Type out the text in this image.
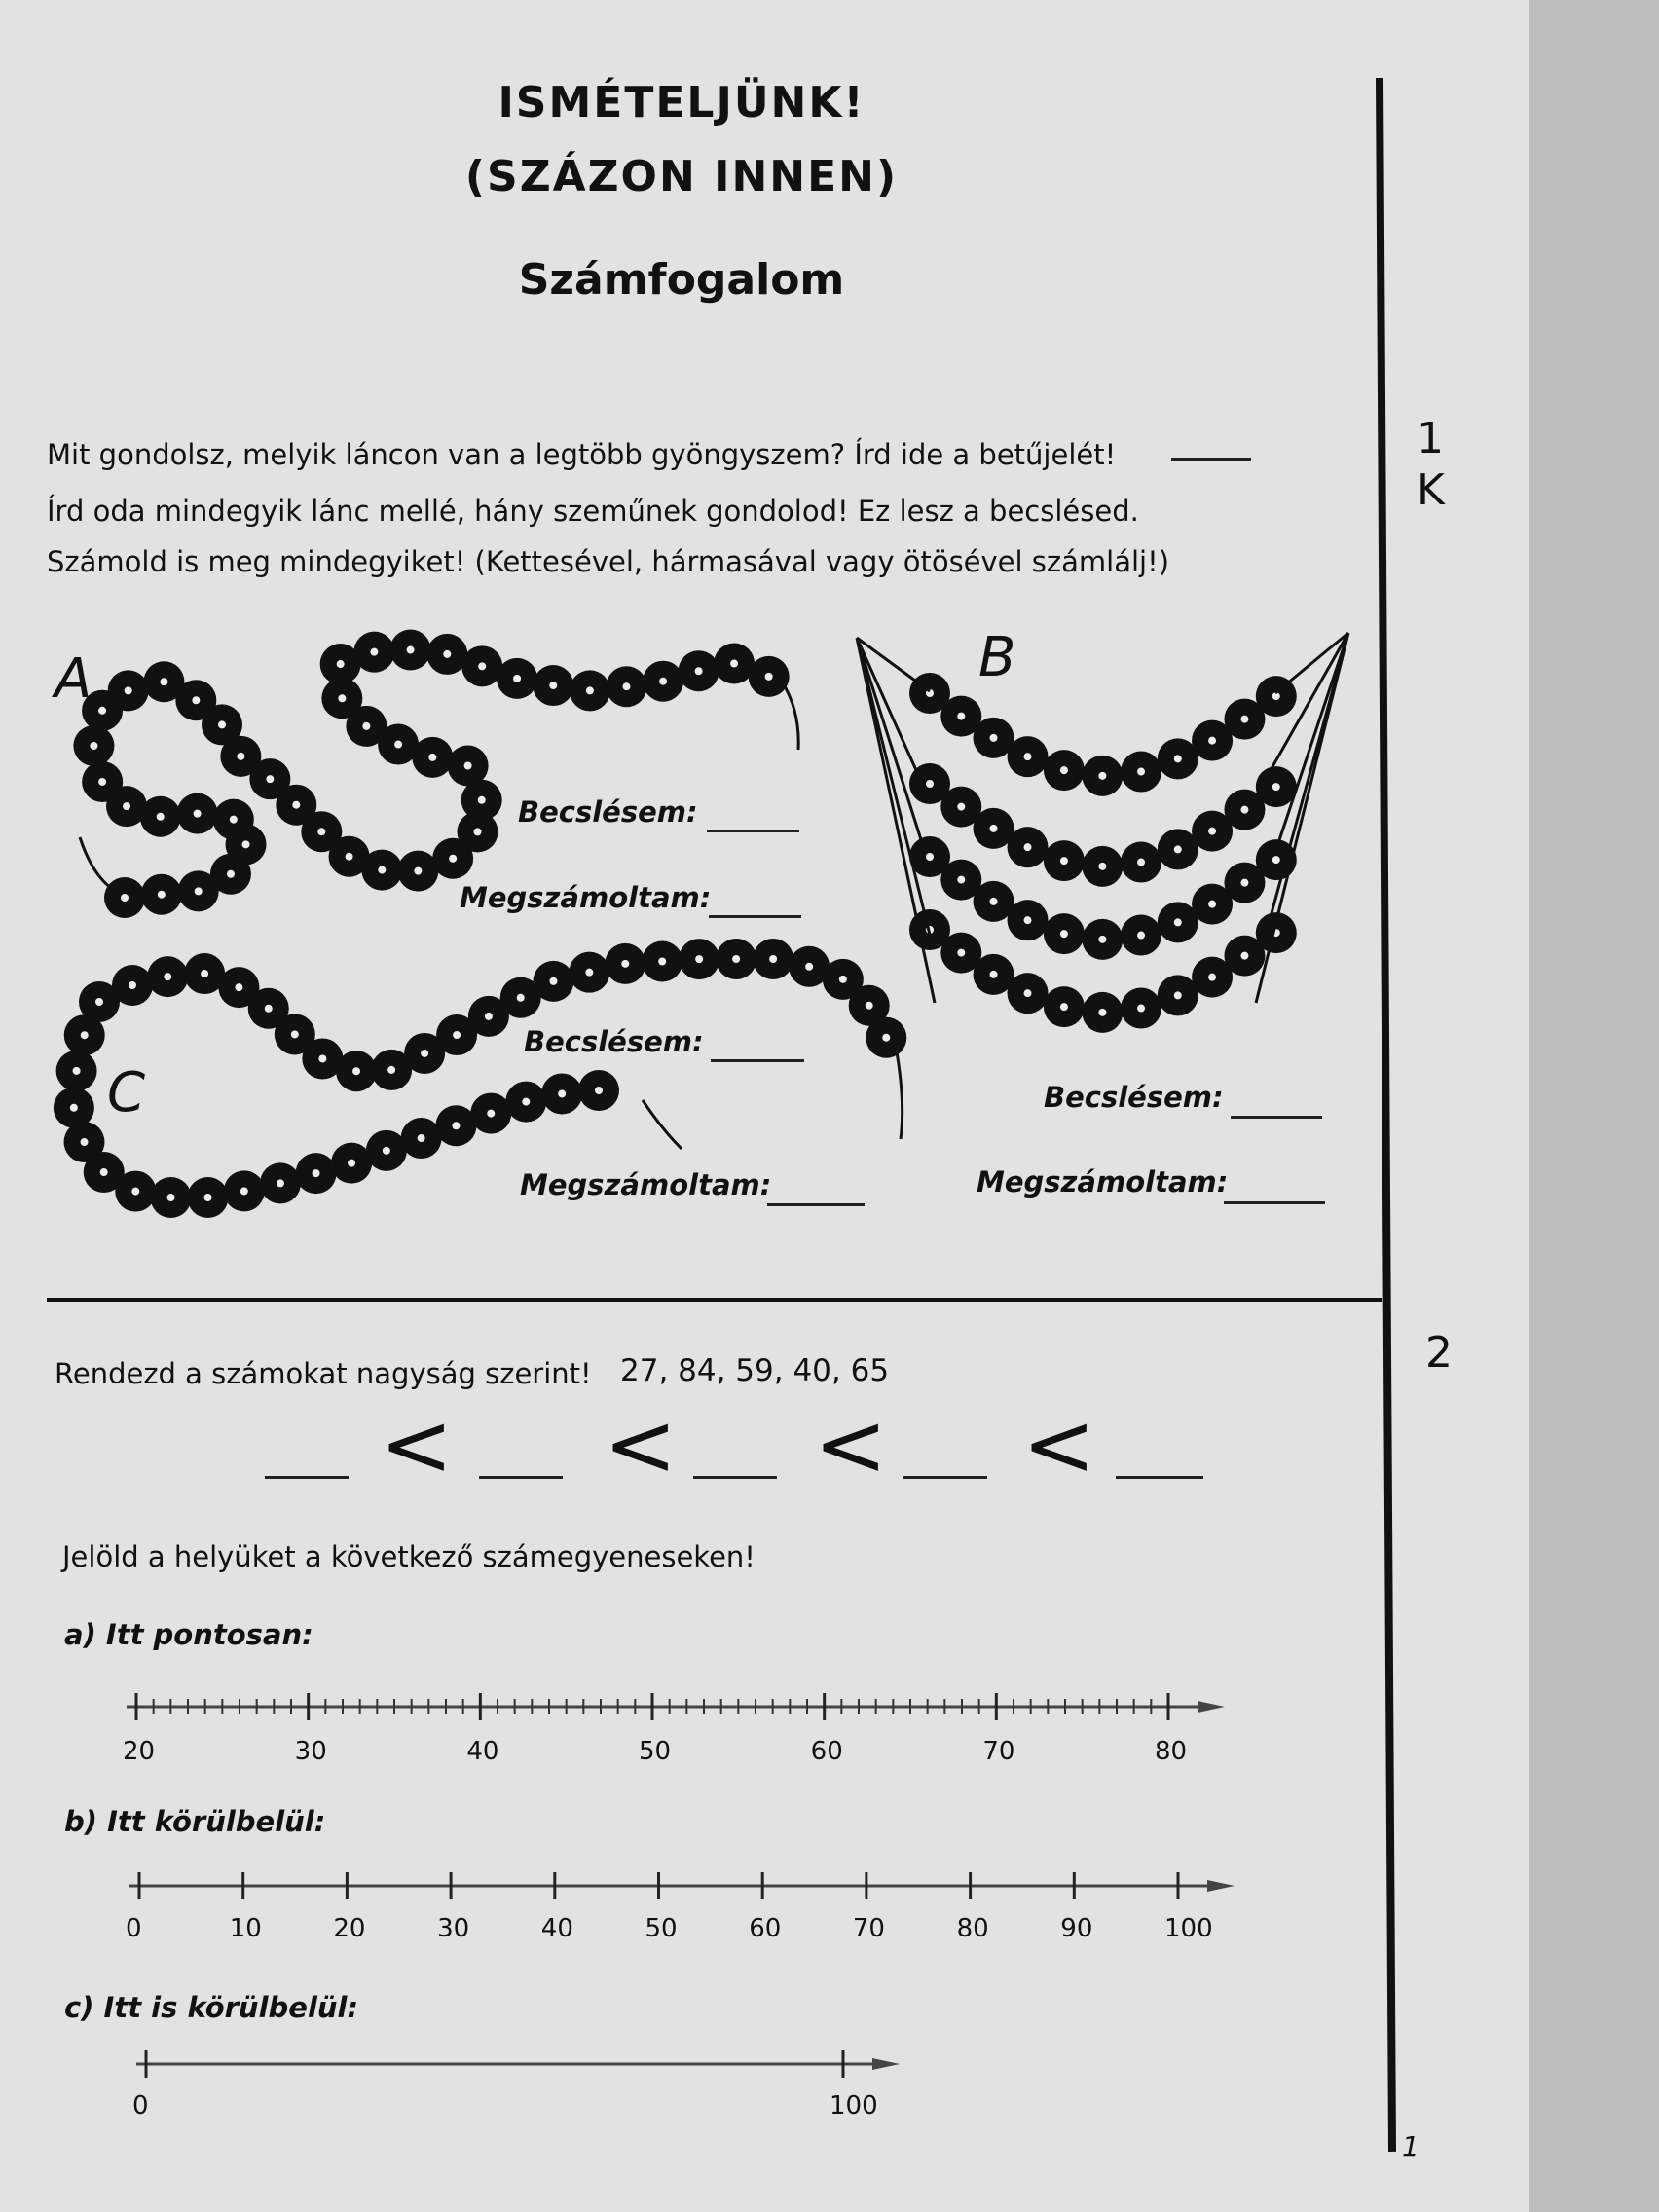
ISMÉTELJÜNK!
(SZÁZON INNEN)
Számfogalom
1
K
2
Mit gondolsz, melyik láncon van a legtöbb gyöngyszem? Írd ide a betűjelét!
Írd oda mindegyik lánc mellé, hány szeműnek gondolod! Ez lesz a becslésed.
Számold is meg mindegyiket! (Kettesével, hármasával vagy ötösével számlálj!)
A	B
C
Becslésem:
Megszámoltam:
Becslésem:
Megszámoltam:
Becslésem:
Megszámoltam:
Rendezd a számokat nagyság szerint! 27, 84, 59, 40, 65
< < < <
Jelöld a helyüket a következő számegyeneseken!
a) Itt pontosan:
b) Itt körülbelül:
c) Itt is körülbelül:
20	30	40	50	60	70	80
0	10	20	30	40	50	60	70	80	90	100
0	100
1
